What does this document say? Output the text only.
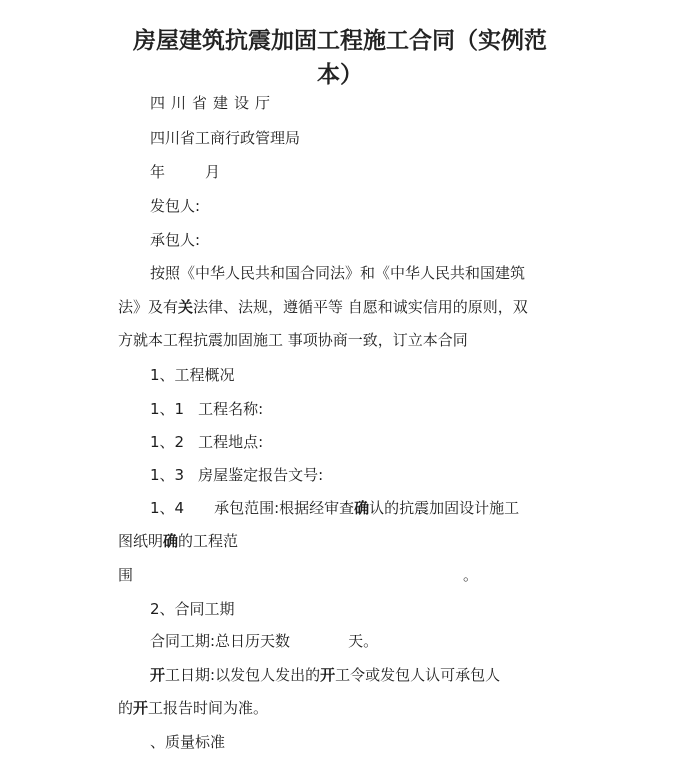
房屋建筑抗震加固工程施工合同（实例范
本）
四川省建设厅
四川省工商行政管理局
年	月
发包人:
承包人:
按照《中华人民共和国合同法》和《中华人民共和国建筑
法》及有关法律、法规，遵循平等 自愿和诚实信用的原则，双
方就本工程抗震加固施工 事项协商一致，订立本合同
1、工程概况
1、1 工程名称:
1、2 工程地点:
1、3 房屋鉴定报告文号:
1、4 承包范围:根据经审查确认的抗震加固设计施工
图纸明确的工程范
围	。
2、合同工期
合同工期:总日历天数	天。
开工日期:以发包人发出的开工令或发包人认可承包人
的开工报告时间为准。
、质量标准
